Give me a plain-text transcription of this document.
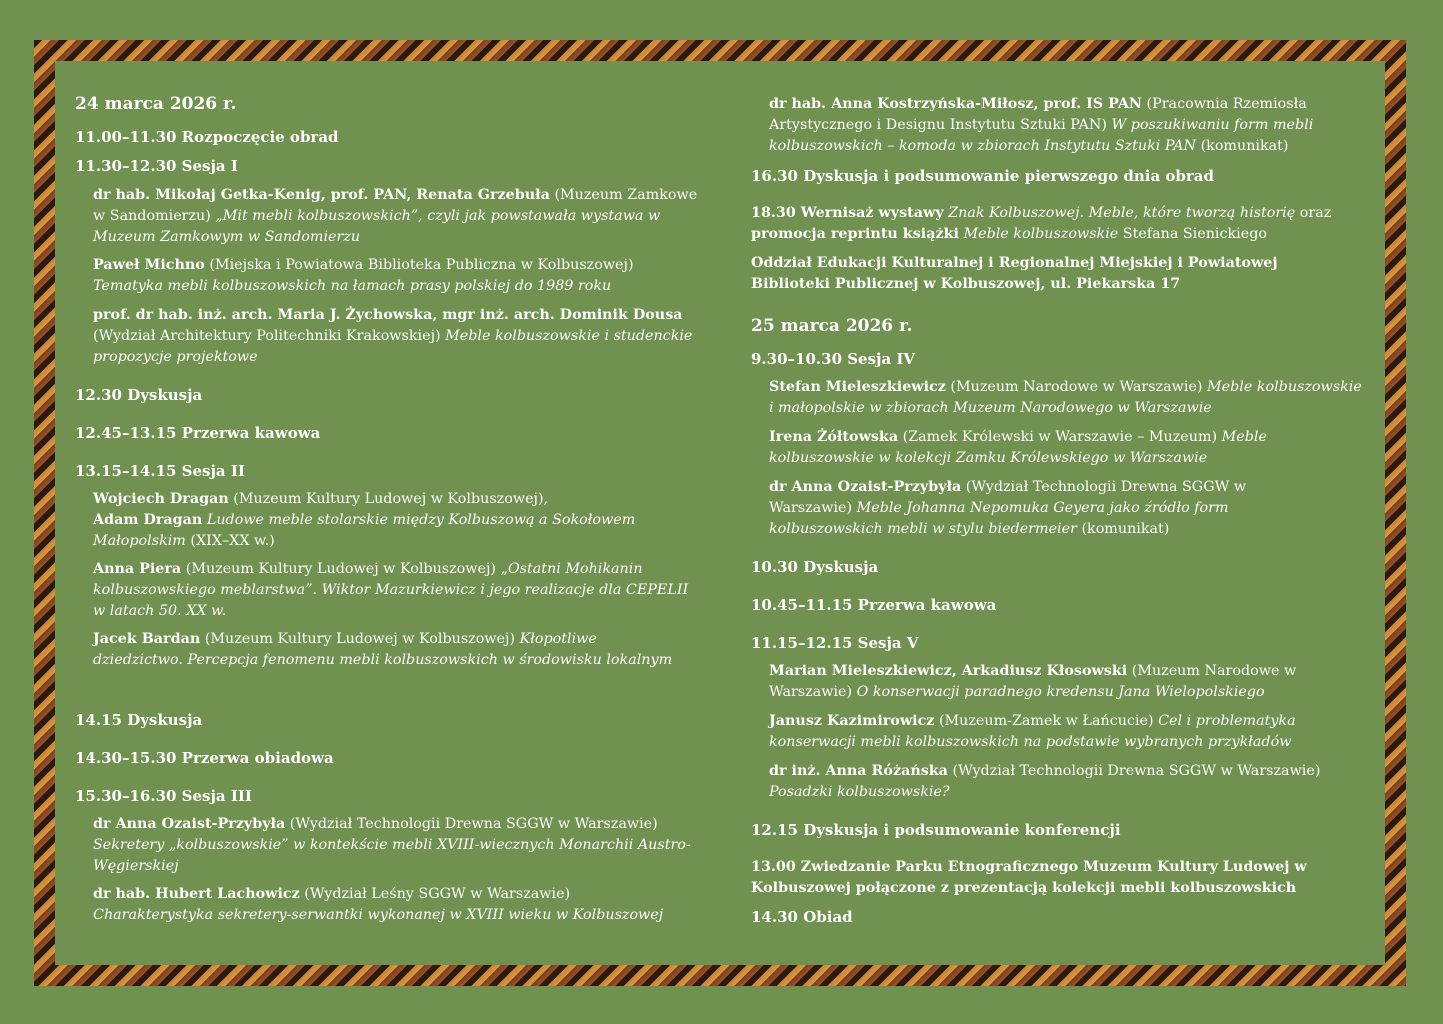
24 marca 2026 r.
11.00–11.30 Rozpoczęcie obrad
11.30–12.30 Sesja I
dr hab. Mikołaj Getka-Kenig, prof. PAN, Renata Grzebuła (Muzeum Zamkowe w Sandomierzu) „Mit mebli kolbuszowskich”, czyli jak powstawała wystawa w Muzeum Zamkowym w Sandomierzu
Paweł Michno (Miejska i Powiatowa Biblioteka Publiczna w Kolbuszowej) Tematyka mebli kolbuszowskich na łamach prasy polskiej do 1989 roku
prof. dr hab. inż. arch. Maria J. Żychowska, mgr inż. arch. Dominik Dousa (Wydział Architektury Politechniki Krakowskiej) Meble kolbuszowskie i studenckie propozycje projektowe
12.30 Dyskusja
12.45–13.15 Przerwa kawowa
13.15–14.15 Sesja II
Wojciech Dragan (Muzeum Kultury Ludowej w Kolbuszowej),
Adam Dragan Ludowe meble stolarskie między Kolbuszową a Sokołowem Małopolskim (XIX–XX w.)
Anna Piera (Muzeum Kultury Ludowej w Kolbuszowej) „Ostatni Mohikanin kolbuszowskiego meblarstwa”. Wiktor Mazurkiewicz i jego realizacje dla CEPELII w latach 50. XX w.
Jacek Bardan (Muzeum Kultury Ludowej w Kolbuszowej) Kłopotliwe dziedzictwo. Percepcja fenomenu mebli kolbuszowskich w środowisku lokalnym
14.15 Dyskusja
14.30–15.30 Przerwa obiadowa
15.30–16.30 Sesja III
dr Anna Ozaist-Przybyła (Wydział Technologii Drewna SGGW w Warszawie) Sekretery „kolbuszowskie” w kontekście mebli XVIII-wiecznych Monarchii Austro-Węgierskiej
dr hab. Hubert Lachowicz (Wydział Leśny SGGW w Warszawie)
Charakterystyka sekretery-serwantki wykonanej w XVIII wieku w Kolbuszowej
dr hab. Anna Kostrzyńska-Miłosz, prof. IS PAN (Pracownia Rzemiosła Artystycznego i Designu Instytutu Sztuki PAN) W poszukiwaniu form mebli kolbuszowskich – komoda w zbiorach Instytutu Sztuki PAN (komunikat)
16.30 Dyskusja i podsumowanie pierwszego dnia obrad
18.30 Wernisaż wystawy Znak Kolbuszowej. Meble, które tworzą historię oraz promocja reprintu książki Meble kolbuszowskie Stefana Sienickiego
Oddział Edukacji Kulturalnej i Regionalnej Miejskiej i Powiatowej Biblioteki Publicznej w Kolbuszowej, ul. Piekarska 17
25 marca 2026 r.
9.30–10.30 Sesja IV
Stefan Mieleszkiewicz (Muzeum Narodowe w Warszawie) Meble kolbuszowskie i małopolskie w zbiorach Muzeum Narodowego w Warszawie
Irena Żółtowska (Zamek Królewski w Warszawie – Muzeum) Meble kolbuszowskie w kolekcji Zamku Królewskiego w Warszawie
dr Anna Ozaist-Przybyła (Wydział Technologii Drewna SGGW w Warszawie) Meble Johanna Nepomuka Geyera jako źródło form kolbuszowskich mebli w stylu biedermeier (komunikat)
10.30 Dyskusja
10.45–11.15 Przerwa kawowa
11.15–12.15 Sesja V
Marian Mieleszkiewicz, Arkadiusz Kłosowski (Muzeum Narodowe w Warszawie) O konserwacji paradnego kredensu Jana Wielopolskiego
Janusz Kazimirowicz (Muzeum-Zamek w Łańcucie) Cel i problematyka konserwacji mebli kolbuszowskich na podstawie wybranych przykładów
dr inż. Anna Różańska (Wydział Technologii Drewna SGGW w Warszawie) Posadzki kolbuszowskie?
12.15 Dyskusja i podsumowanie konferencji
13.00 Zwiedzanie Parku Etnograficznego Muzeum Kultury Ludowej w Kolbuszowej połączone z prezentacją kolekcji mebli kolbuszowskich
14.30 Obiad
